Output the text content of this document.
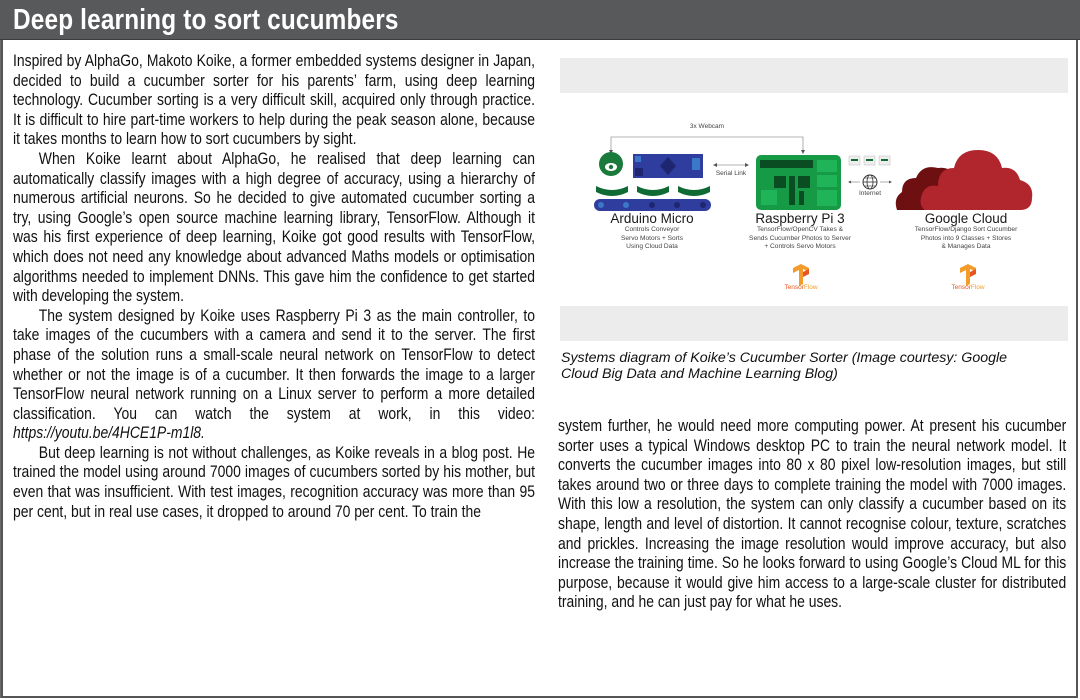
Deep learning to sort cucumbers

Inspired by AlphaGo, Makoto Koike, a former embedded systems designer in Japan, decided to build a cucumber sorter for his parents’ farm, using deep learning technology. Cucumber sorting is a very difficult skill, acquired only through practice. It is difficult to hire part-time workers to help during the peak season alone, because it takes months to learn how to sort cucumbers by sight.

When Koike learnt about AlphaGo, he realised that deep learning can automatically classify images with a high degree of accuracy, using a hierarchy of numerous artificial neurons. So he decided to give automated cucumber sorting a try, using Google’s open source machine learning library, TensorFlow. Although it was his first experience of deep learning, Koike got good results with TensorFlow, which does not need any knowledge about advanced Maths models or optimisation algorithms needed to implement DNNs. This gave him the confidence to get started with developing the system.

The system designed by Koike uses Raspberry Pi 3 as the main controller, to take images of the cucumbers with a camera and send it to the server. The first phase of the solution runs a small-scale neural network on TensorFlow to detect whether or not the image is of a cucumber. It then forwards the image to a larger TensorFlow neural network running on a Linux server to perform a more detailed classification. You can watch the system at work, in this video: https://youtu.be/4HCE1P-m1l8.

But deep learning is not without challenges, as Koike reveals in a blog post. He trained the model using around 7000 images of cucumbers sorted by his mother, but even that was insufficient. With test images, recognition accuracy was more than 95 per cent, but in real use cases, it dropped to around 70 per cent. To train the

3x Webcam
Serial Link
Internet
Arduino Micro
Controls Conveyor
Servo Motors + Sorts
Using Cloud Data
Raspberry Pi 3
TensorFlow/OpenCV Takes &
Sends Cucumber Photos to Server
+ Controls Servo Motors
Google Cloud
TensorFlow/Django Sort Cucumber
Photos into 9 Classes + Stores
& Manages Data
TensorFlow	TensorFlow
Systems diagram of Koike’s Cucumber Sorter (Image courtesy: Google Cloud Big Data and Machine Learning Blog)

system further, he would need more computing power. At present his cucumber sorter uses a typical Windows desktop PC to train the neural network model. It converts the cucumber images into 80 x 80 pixel low-resolution images, but still takes around two or three days to complete training the model with 7000 images. With this low a resolution, the system can only classify a cucumber based on its shape, length and level of distortion. It cannot recognise colour, texture, scratches and prickles. Increasing the image resolution would improve accuracy, but also increase the training time. So he looks forward to using Google’s Cloud ML for this purpose, because it would give him access to a large-scale cluster for distributed training, and he can just pay for what he uses.
